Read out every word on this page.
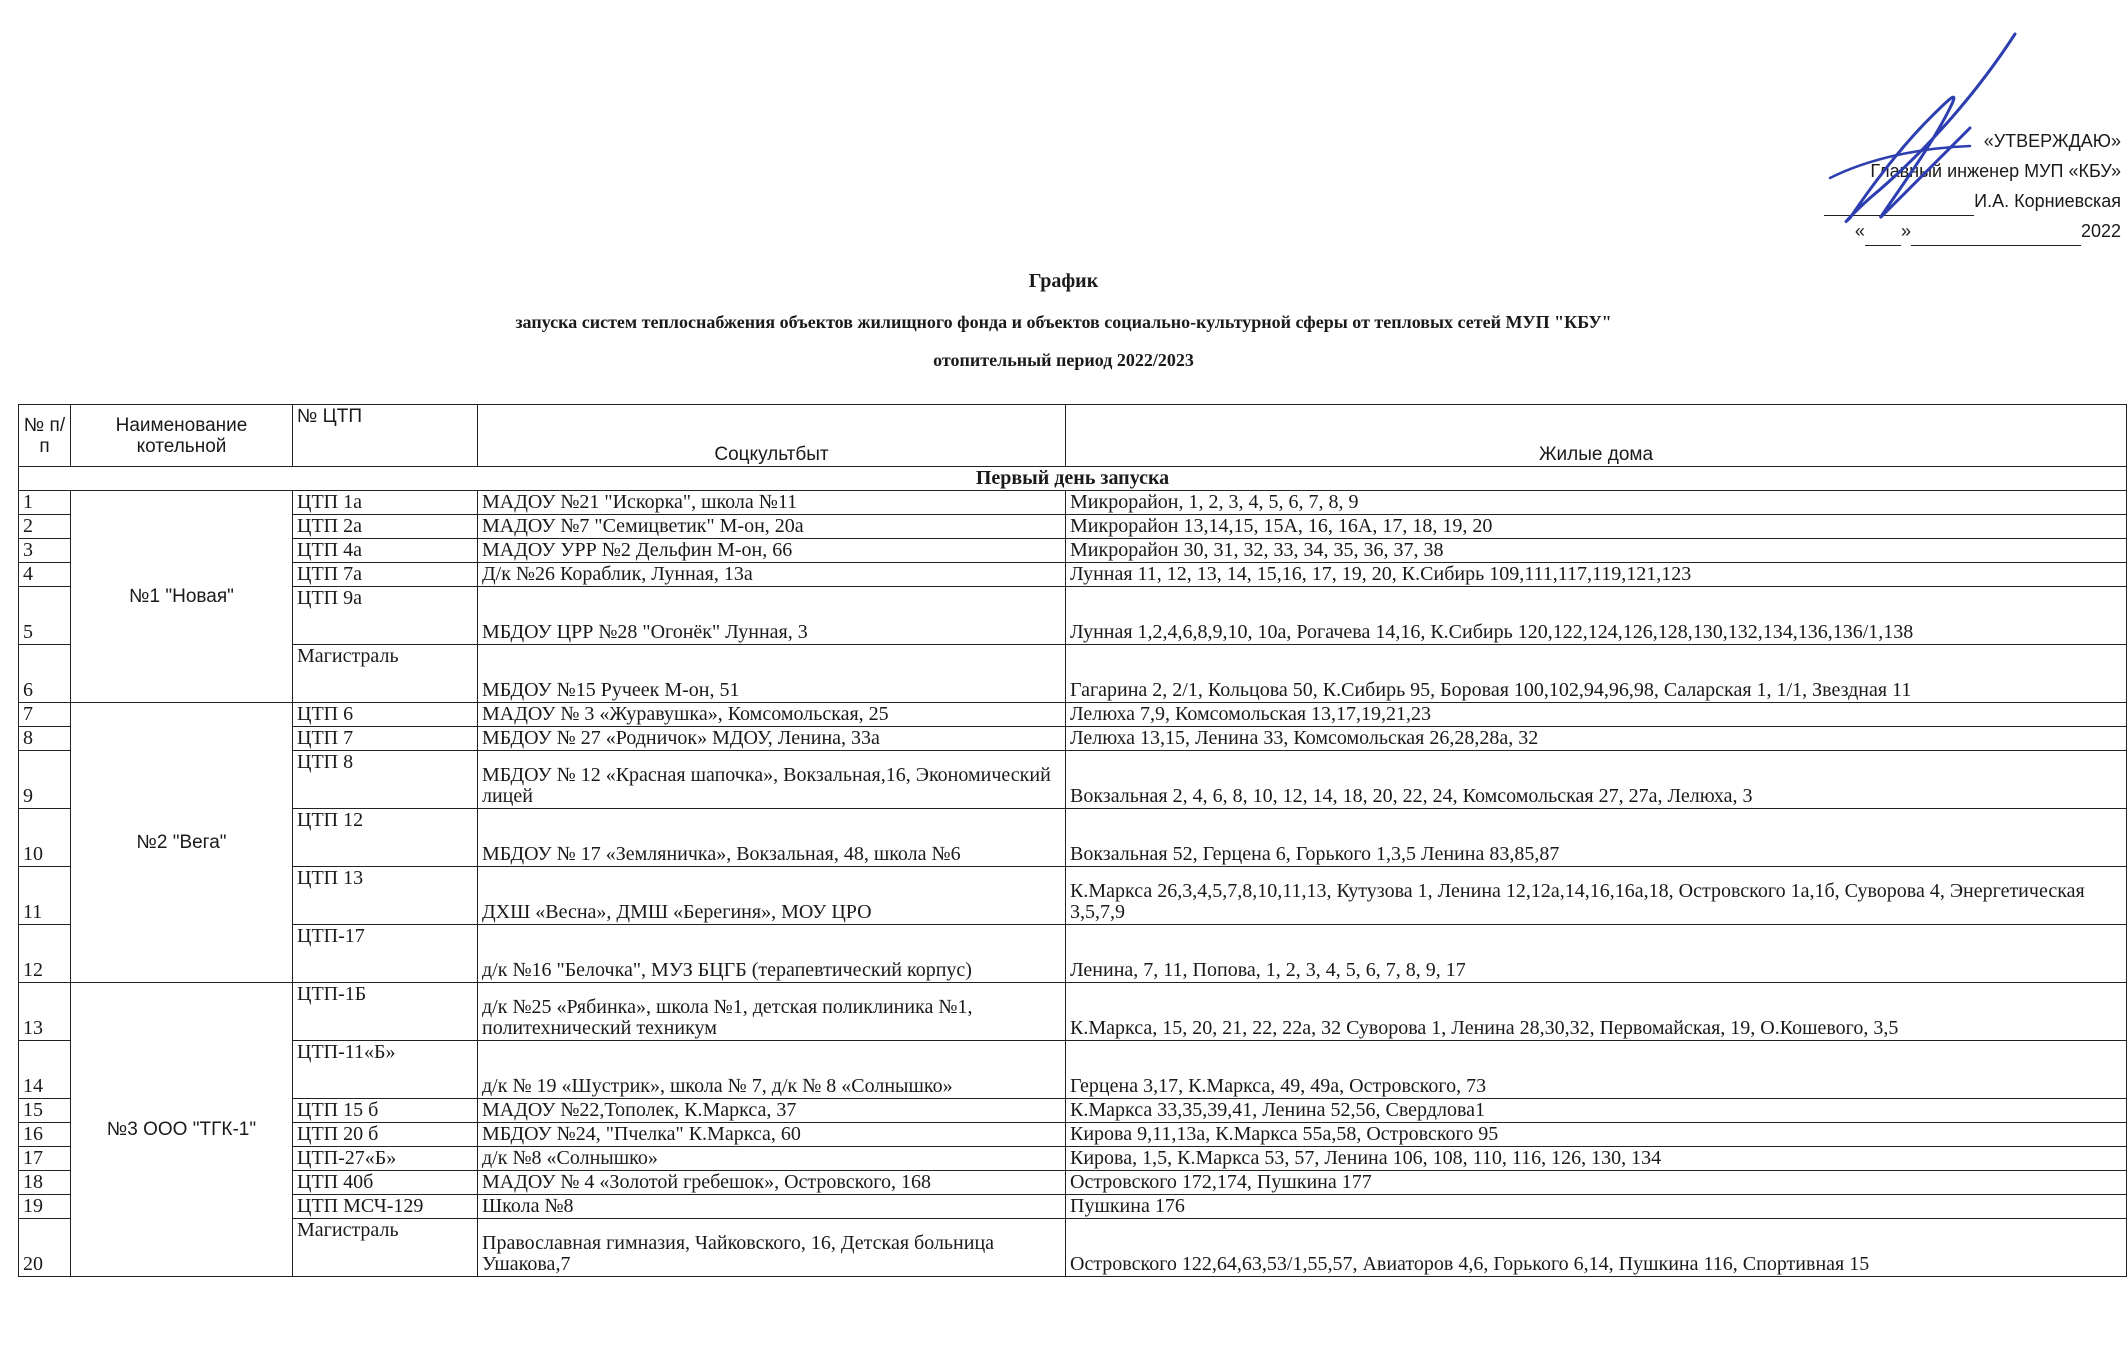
«УТВЕРЖДАЮ»
Главный инженер МУП «КБУ»
И.А. Корниевская
« »	2022
График
запуска систем теплоснабжения объектов жилищного фонда и объектов социально-культурной сферы от тепловых сетей МУП "КБУ"
отопительный период 2022/2023
№ п/п	Наименование котельной	№ ЦТП	Соцкультбыт	Жилые дома
Первый день запуска				
1	№1 "Новая"	ЦТП 1а	МАДОУ №21 "Искорка", школа №11	Микрорайон, 1, 2, 3, 4, 5, 6, 7, 8, 9
2		ЦТП 2а	МАДОУ №7 "Семицветик" М-он, 20а	Микрорайон 13,14,15, 15А, 16, 16А, 17, 18, 19, 20
3		ЦТП 4а	МАДОУ УРР №2 Дельфин М-он, 66	Микрорайон 30, 31, 32, 33, 34, 35, 36, 37, 38
4		ЦТП 7а	Д/к №26 Кораблик, Лунная, 13а	Лунная 11, 12, 13, 14, 15,16, 17, 19, 20, К.Сибирь 109,111,117,119,121,123
5		ЦТП 9а	МБДОУ ЦРР №28 "Огонёк" Лунная, 3	Лунная 1,2,4,6,8,9,10, 10а, Рогачева 14,16, К.Сибирь 120,122,124,126,128,130,132,134,136,136/1,138
6		Магистраль	МБДОУ №15 Ручеек М-он, 51	Гагарина 2, 2/1, Кольцова 50, К.Сибирь 95, Боровая 100,102,94,96,98, Саларская 1, 1/1, Звездная 11
7	№2 "Вега"	ЦТП 6	МАДОУ № 3 «Журавушка», Комсомольская, 25	Лелюха 7,9, Комсомольская 13,17,19,21,23
8		ЦТП 7	МБДОУ № 27 «Родничок» МДОУ, Ленина, 33а	Лелюха 13,15, Ленина 33, Комсомольская 26,28,28а, 32
9		ЦТП 8	МБДОУ № 12 «Красная шапочка», Вокзальная,16, Экономический лицей	Вокзальная 2, 4, 6, 8, 10, 12, 14, 18, 20, 22, 24, Комсомольская 27, 27а, Лелюха, 3
10		ЦТП 12	МБДОУ № 17 «Земляничка», Вокзальная, 48, школа №6	Вокзальная 52, Герцена 6, Горького 1,3,5 Ленина 83,85,87
11		ЦТП 13	ДХШ «Весна», ДМШ «Берегиня», МОУ ЦРО	К.Маркса 26,3,4,5,7,8,10,11,13, Кутузова 1, Ленина 12,12а,14,16,16а,18, Островского 1а,1б, Суворова 4, Энергетическая 3,5,7,9
12		ЦТП-17	д/к №16 "Белочка", МУЗ БЦГБ (терапевтический корпус)	Ленина, 7, 11, Попова, 1, 2, 3, 4, 5, 6, 7, 8, 9, 17
13	№3 ООО "ТГК-1"	ЦТП-1Б	д/к №25 «Рябинка», школа №1, детская поликлиника №1, политехнический техникум	К.Маркса, 15, 20, 21, 22, 22а, 32 Суворова 1, Ленина 28,30,32, Первомайская, 19, О.Кошевого, 3,5
14		ЦТП-11«Б»	д/к № 19 «Шустрик», школа № 7, д/к № 8 «Солнышко»	Герцена 3,17, К.Маркса, 49, 49а, Островского, 73
15		ЦТП 15 б	МАДОУ №22,Тополек, К.Маркса, 37	К.Маркса 33,35,39,41, Ленина 52,56, Свердлова1
16		ЦТП 20 б	МБДОУ №24, "Пчелка" К.Маркса, 60	Кирова 9,11,13а, К.Маркса 55а,58, Островского 95
17		ЦТП-27«Б»	д/к №8 «Солнышко»	Кирова, 1,5, К.Маркса 53, 57, Ленина 106, 108, 110, 116, 126, 130, 134
18		ЦТП 40б	МАДОУ № 4 «Золотой гребешок», Островского, 168	Островского 172,174, Пушкина 177
19		ЦТП МСЧ-129	Школа №8	Пушкина 176
20		Магистраль	Православная гимназия, Чайковского, 16, Детская больница Ушакова,7	Островского 122,64,63,53/1,55,57, Авиаторов 4,6, Горького 6,14, Пушкина 116, Спортивная 15
